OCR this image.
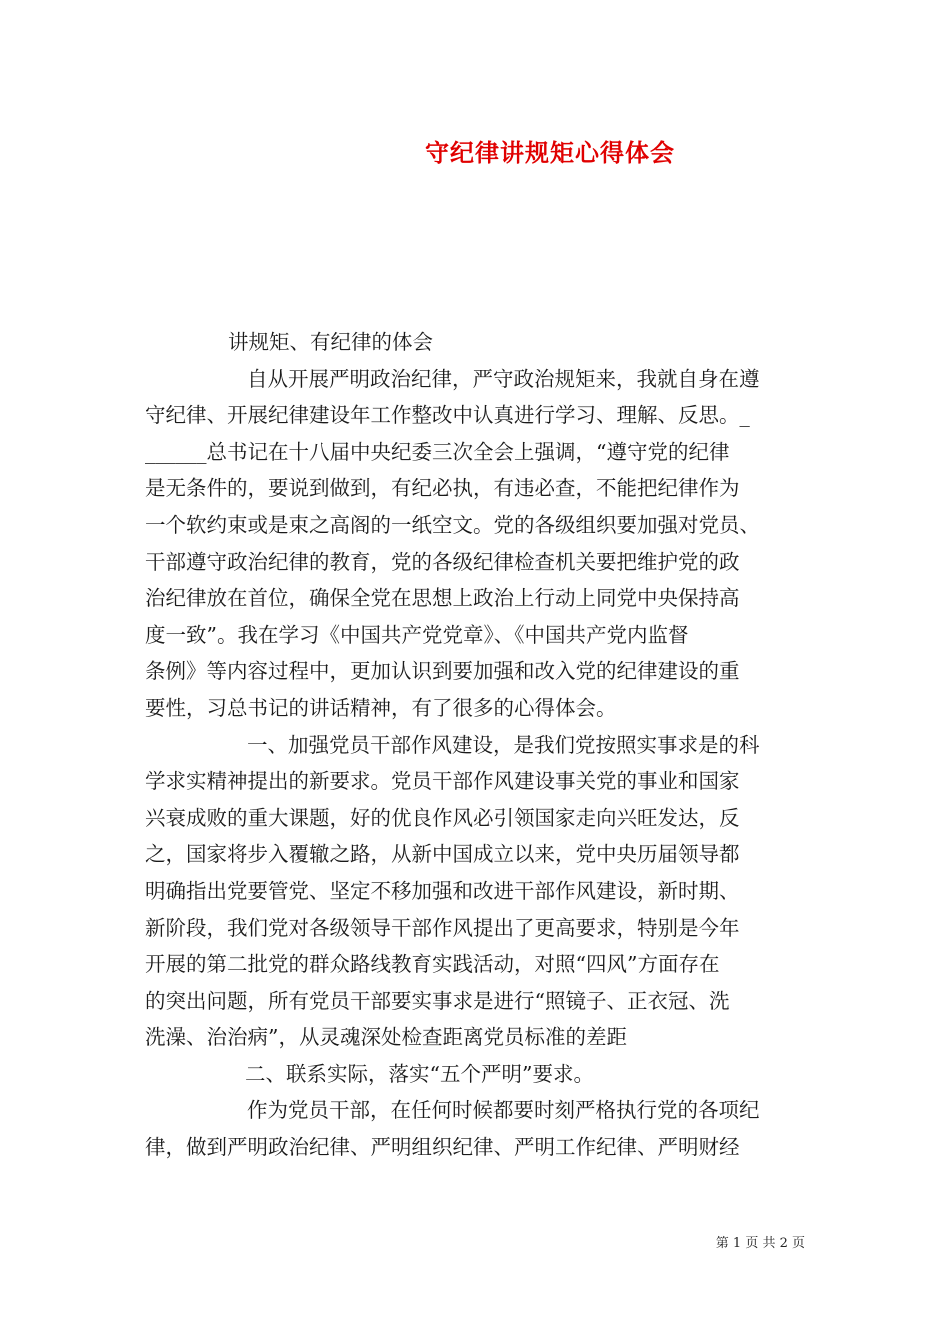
守纪律讲规矩心得体会
讲规矩、有纪律的体会
自从开展严明政治纪律，严守政治规矩来，我就自身在遵
守纪律、开展纪律建设年工作整改中认真进行学习、理解、反思。_
______总书记在十八届中央纪委三次全会上强调，“遵守党的纪律
是无条件的，要说到做到，有纪必执，有违必查，不能把纪律作为
一个软约束或是束之高阁的一纸空文。党的各级组织要加强对党员、
干部遵守政治纪律的教育，党的各级纪律检查机关要把维护党的政
治纪律放在首位，确保全党在思想上政治上行动上同党中央保持高
度一致”。我在学习《中国共产党党章》、《中国共产党内监督
条例》等内容过程中，更加认识到要加强和改入党的纪律建设的重
要性，习总书记的讲话精神，有了很多的心得体会。
一、加强党员干部作风建设，是我们党按照实事求是的科
学求实精神提出的新要求。党员干部作风建设事关党的事业和国家
兴衰成败的重大课题，好的优良作风必引领国家走向兴旺发达，反
之，国家将步入覆辙之路，从新中国成立以来，党中央历届领导都
明确指出党要管党、坚定不移加强和改进干部作风建设，新时期、
新阶段，我们党对各级领导干部作风提出了更高要求，特别是今年
开展的第二批党的群众路线教育实践活动，对照“四风”方面存在
的突出问题，所有党员干部要实事求是进行“照镜子、正衣冠、洗
洗澡、治治病”，从灵魂深处检查距离党员标准的差距
二、联系实际，落实“五个严明”要求。
作为党员干部，在任何时候都要时刻严格执行党的各项纪
律，做到严明政治纪律、严明组织纪律、严明工作纪律、严明财经
第 1 页 共 2 页
